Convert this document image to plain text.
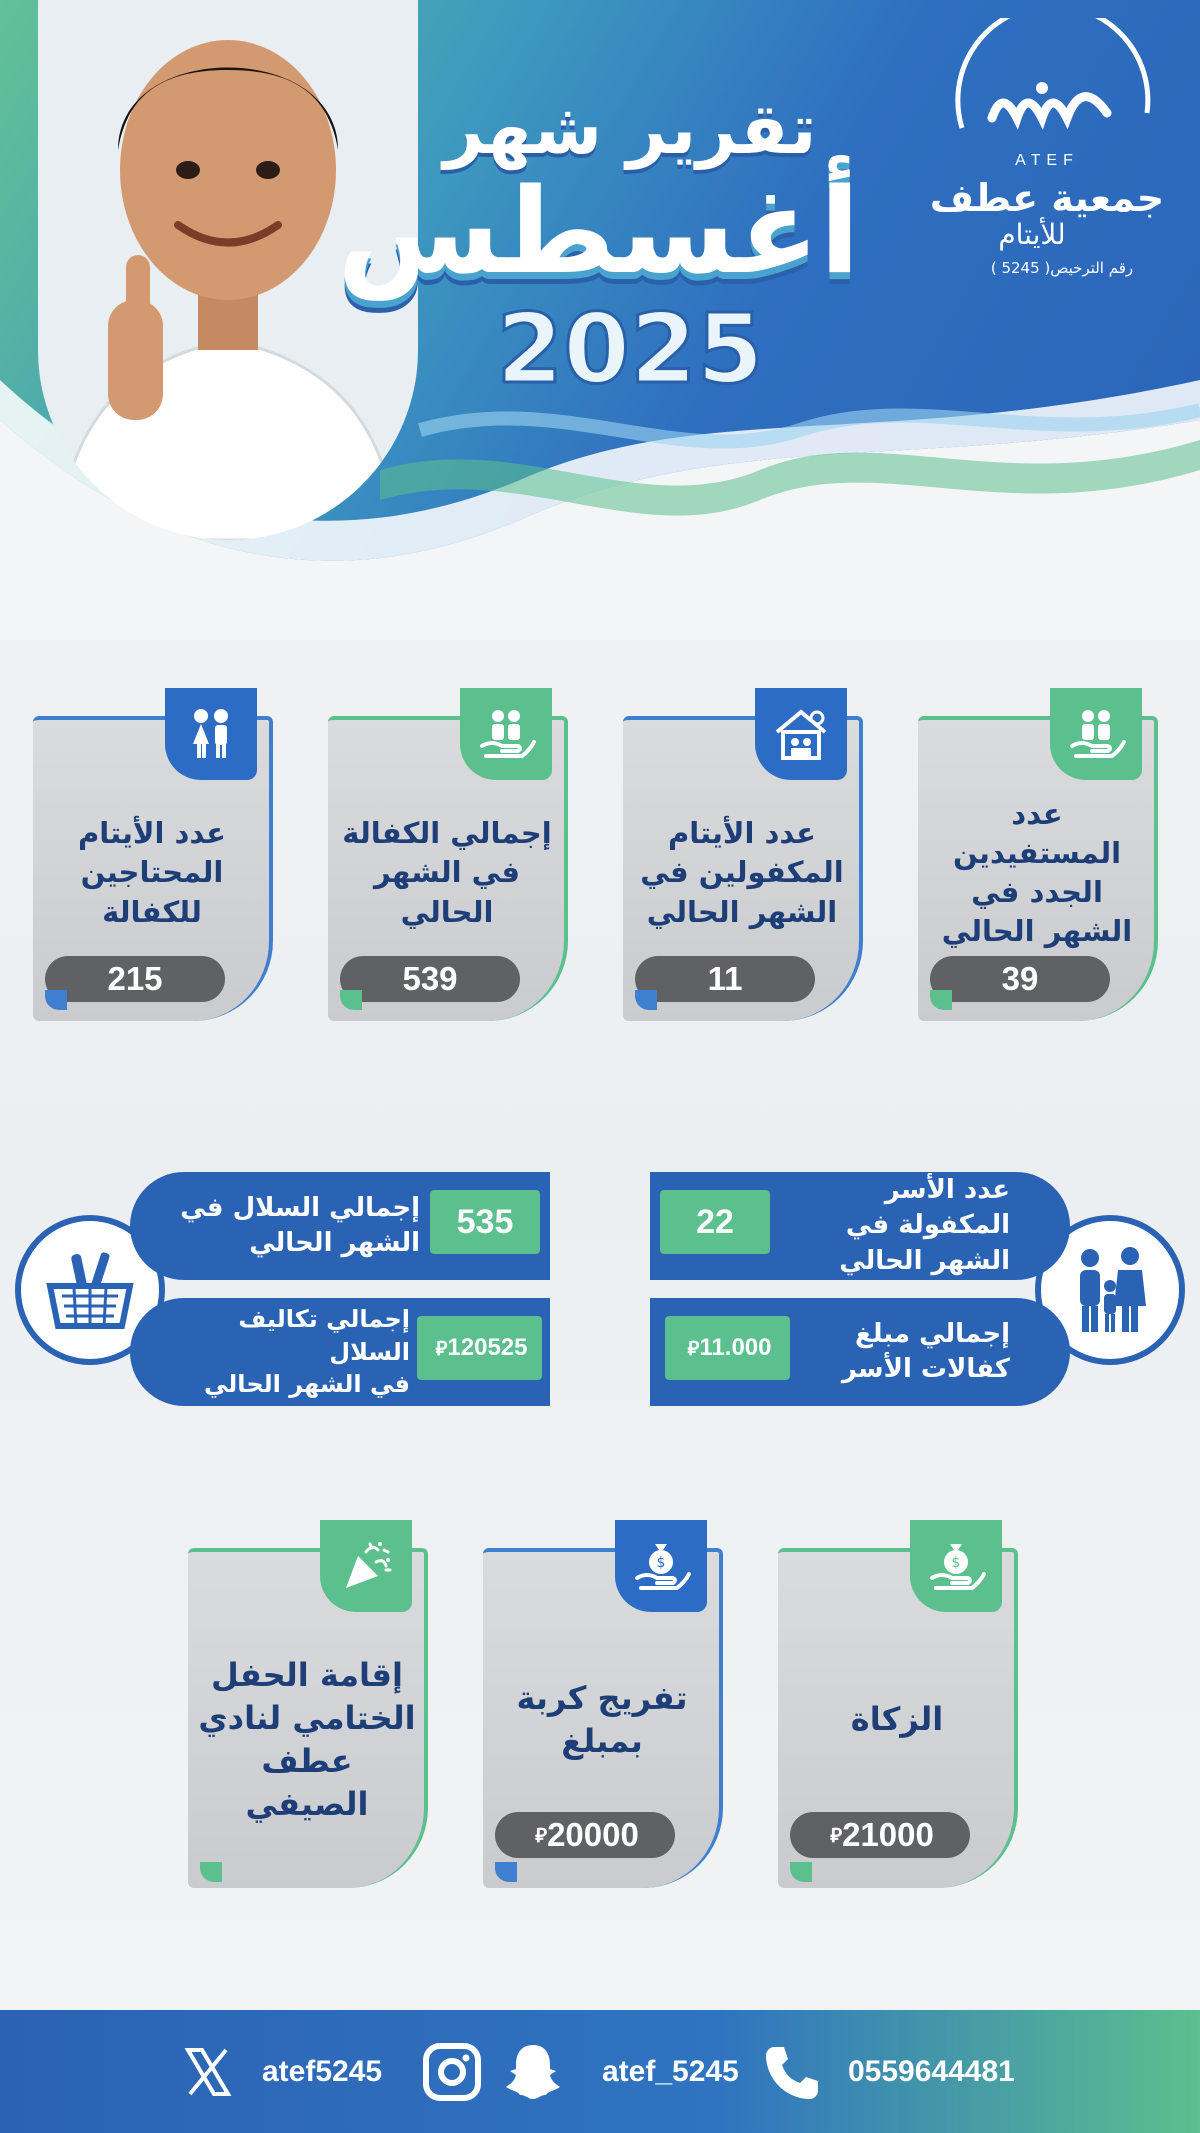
ATEF
جمعية عطف
للأيتام
رقم الترخيص( 5245 )
تقرير شهر
أغسطس
2025
عدد المستفيدين الجدد في الشهر الحالي
39
عدد الأيتام المكفولين في الشهر الحالي
11
إجمالي الكفالة في الشهر الحالي
539
عدد الأيتام المحتاجين للكفالة
215
عدد الأسر المكفولة في
الشهر الحالي
22
إجمالي مبلغ
كفالات الأسر
11.000
⃁
إجمالي السلال في
الشهر الحالي
535
إجمالي تكاليف السلال
في الشهر الحالي
120525
⃁
$
الزكاة
21000
⃁
$
تفريج كربة بمبلغ
20000
⃁
إقامة الحفل الختامي لنادي عطف الصيفي
atef5245	atef_5245	0559644481
